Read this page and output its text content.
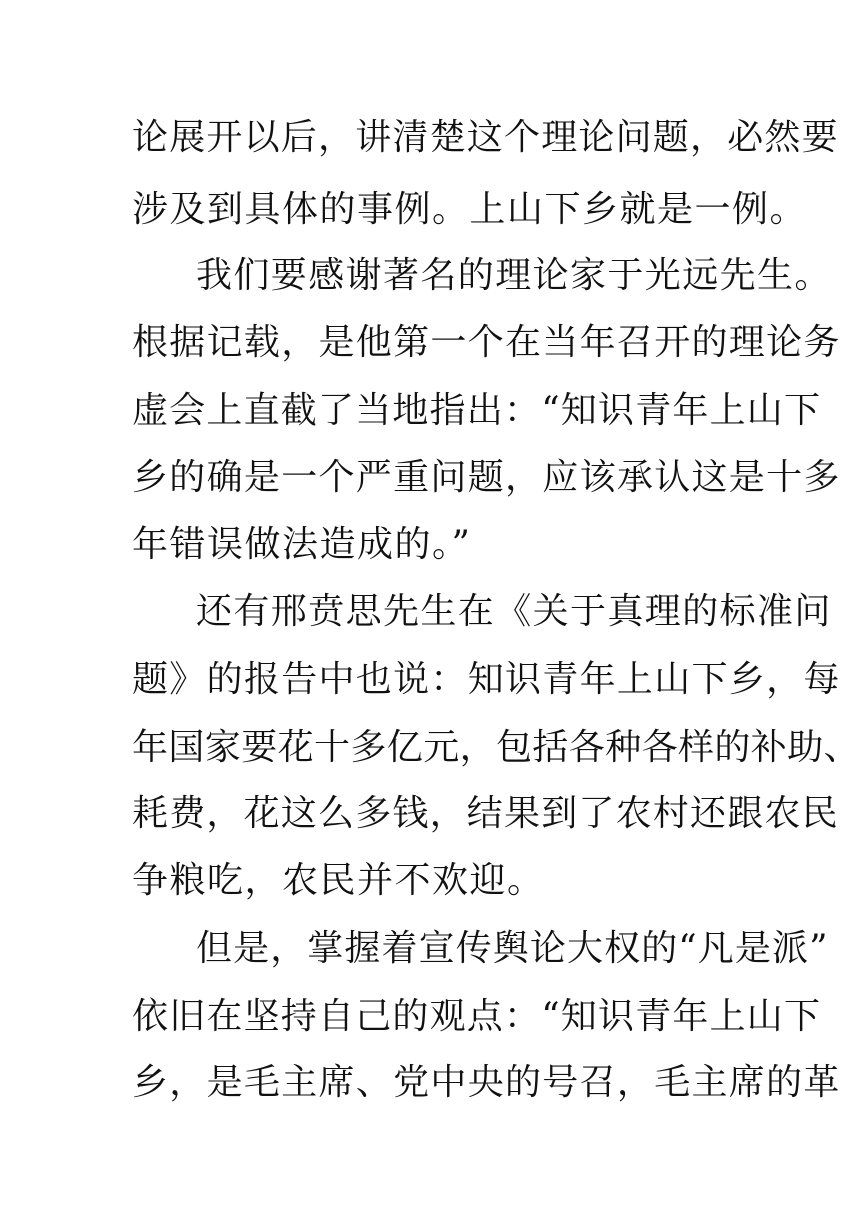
论展开以后，讲清楚这个理论问题，必然要
涉及到具体的事例。上山下乡就是一例。
我们要感谢著名的理论家于光远先生。
根据记载，是他第一个在当年召开的理论务
虚会上直截了当地指出：“知识青年上山下
乡的确是一个严重问题，应该承认这是十多
年错误做法造成的。”
还有邢贲思先生在《关于真理的标准问
题》的报告中也说：知识青年上山下乡，每
年国家要花十多亿元，包括各种各样的补助、
耗费，花这么多钱，结果到了农村还跟农民
争粮吃，农民并不欢迎。
但是，掌握着宣传舆论大权的“凡是派”
依旧在坚持自己的观点：“知识青年上山下
乡，是毛主席、党中央的号召，毛主席的革
